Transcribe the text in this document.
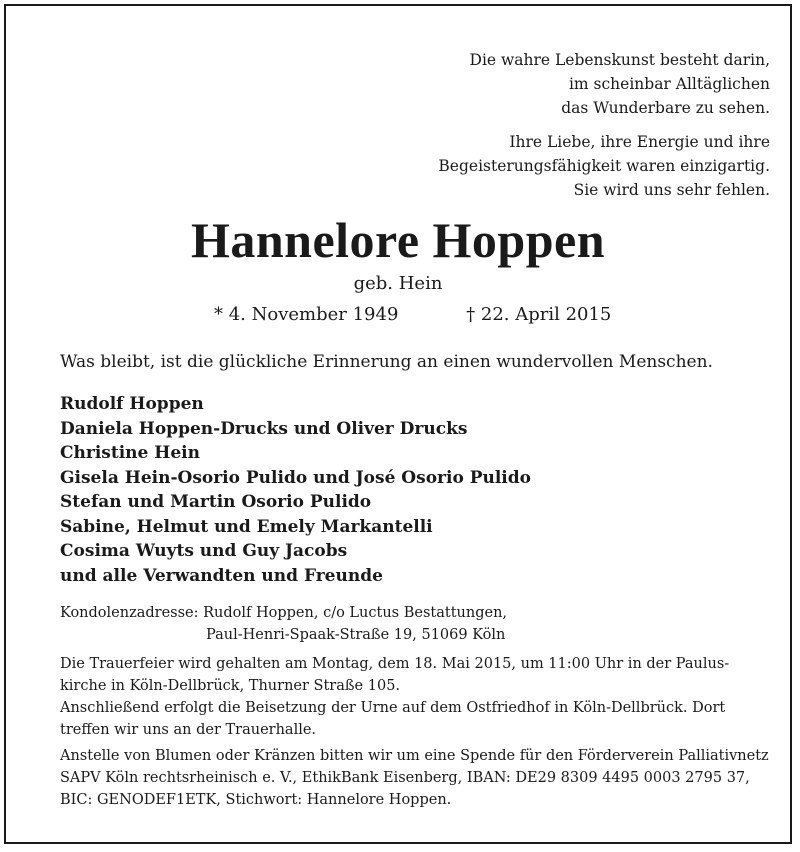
Die wahre Lebenskunst besteht darin,
im scheinbar Alltäglichen
das Wunderbare zu sehen.

Ihre Liebe, ihre Energie und ihre
Begeisterungsfähigkeit waren einzigartig.
Sie wird uns sehr fehlen.

Hannelore Hoppen
geb. Hein
* 4. November 1949	† 22. April 2015
Was bleibt, ist die glückliche Erinnerung an einen wundervollen Menschen.
Rudolf Hoppen
Daniela Hoppen-Drucks und Oliver Drucks
Christine Hein
Gisela Hein-Osorio Pulido und José Osorio Pulido
Stefan und Martin Osorio Pulido
Sabine, Helmut und Emely Markantelli
Cosima Wuyts und Guy Jacobs
und alle Verwandten und Freunde
Kondolenzadresse: Rudolf Hoppen, c/o Luctus Bestattungen,
Paul-Henri-Spaak-Straße 19, 51069 Köln
Die Trauerfeier wird gehalten am Montag, dem 18. Mai 2015, um 11:00 Uhr in der Paulus-
kirche in Köln-Dellbrück, Thurner Straße 105.
Anschließend erfolgt die Beisetzung der Urne auf dem Ostfriedhof in Köln-Dellbrück. Dort
treffen wir uns an der Trauerhalle.
Anstelle von Blumen oder Kränzen bitten wir um eine Spende für den Förderverein Palliativnetz
SAPV Köln rechtsrheinisch e. V., EthikBank Eisenberg, IBAN: DE29 8309 4495 0003 2795 37,
BIC: GENODEF1ETK, Stichwort: Hannelore Hoppen.
